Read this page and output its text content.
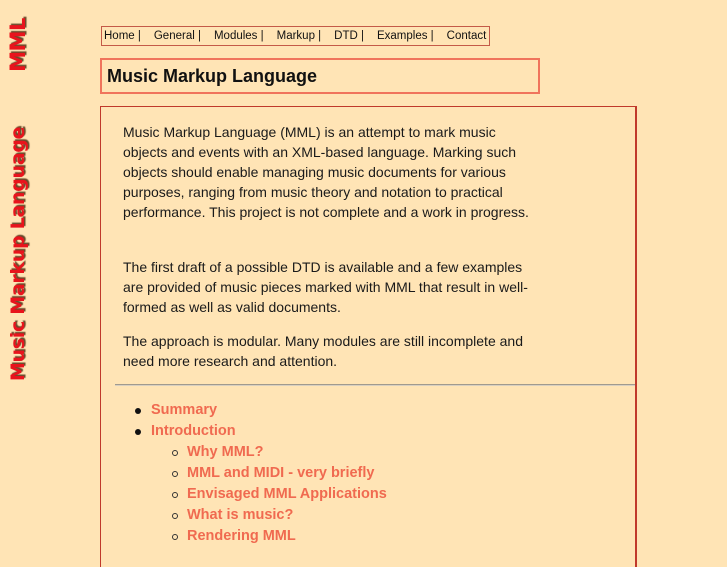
MML
Music Markup Language
Home | General | Modules | Markup | DTD | Examples | Contact
Music Markup Language

Music Markup Language (MML) is an attempt to mark music objects and events with an XML-based language. Marking such objects should enable managing music documents for various purposes, ranging from music theory and notation to practical performance. This project is not complete and a work in progress.

The first draft of a possible DTD is available and a few examples are provided of music pieces marked with MML that result in well-formed as well as valid documents.

The approach is modular. Many modules are still incomplete and need more research and attention.

Summary
Introduction
Why MML?
MML and MIDI - very briefly
Envisaged MML Applications
What is music?
Rendering MML
